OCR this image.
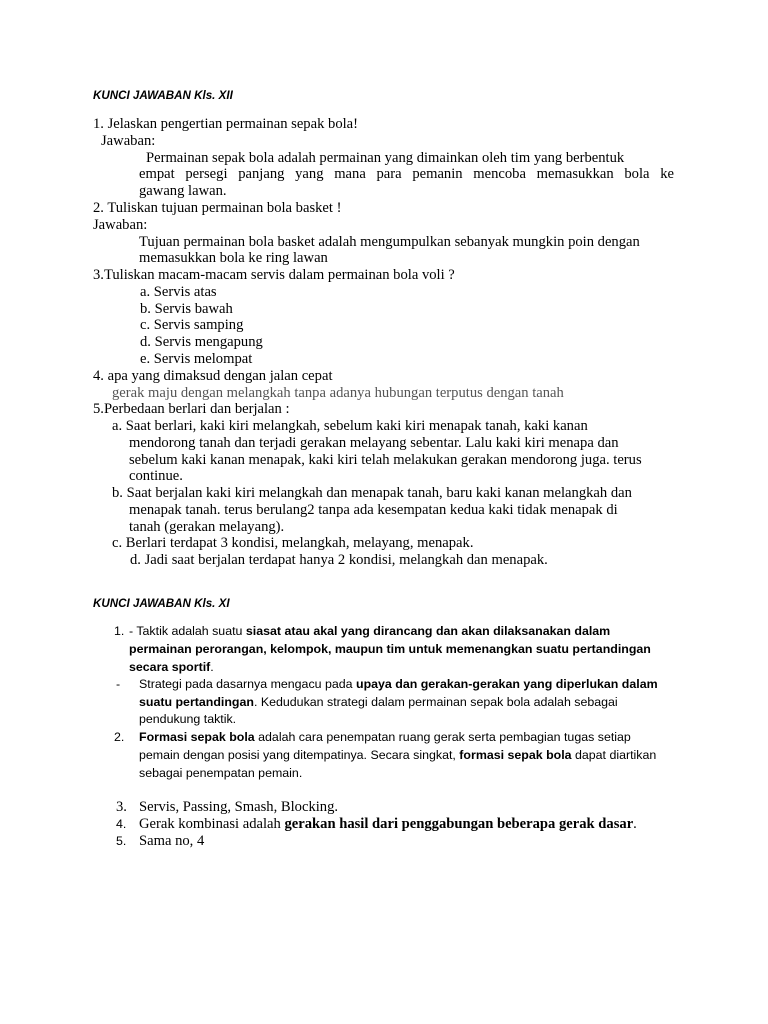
KUNCI JAWABAN Kls. XII
1. Jelaskan pengertian permainan sepak bola!
Jawaban:
Permainan sepak bola adalah permainan yang dimainkan oleh tim yang berbentuk
empat persegi panjang yang mana para pemanin mencoba memasukkan bola ke
gawang lawan.
2. Tuliskan tujuan permainan bola basket !
Jawaban:
Tujuan permainan bola basket adalah mengumpulkan sebanyak mungkin poin dengan
memasukkan bola ke ring lawan
3.Tuliskan macam-macam servis dalam permainan bola voli ?
a. Servis atas
b. Servis bawah
c. Servis samping
d. Servis mengapung
e. Servis melompat
4. apa yang dimaksud dengan jalan cepat
gerak maju dengan melangkah tanpa adanya hubungan terputus dengan tanah
5.Perbedaan berlari dan berjalan :
a. Saat berlari, kaki kiri melangkah, sebelum kaki kiri menapak tanah, kaki kanan
mendorong tanah dan terjadi gerakan melayang sebentar. Lalu kaki kiri menapa dan
sebelum kaki kanan menapak, kaki kiri telah melakukan gerakan mendorong juga. terus
continue.
b. Saat berjalan kaki kiri melangkah dan menapak tanah, baru kaki kanan melangkah dan
menapak tanah. terus berulang2 tanpa ada kesempatan kedua kaki tidak menapak di
tanah (gerakan melayang).
c. Berlari terdapat 3 kondisi, melangkah, melayang, menapak.
d. Jadi saat berjalan terdapat hanya 2 kondisi, melangkah dan menapak.
KUNCI JAWABAN Kls. XI
1. - Taktik adalah suatu siasat atau akal yang dirancang dan akan dilaksanakan dalam
permainan perorangan, kelompok, maupun tim untuk memenangkan suatu pertandingan
secara sportif.
- Strategi pada dasarnya mengacu pada upaya dan gerakan-gerakan yang diperlukan dalam
suatu pertandingan. Kedudukan strategi dalam permainan sepak bola adalah sebagai
pendukung taktik.
2. Formasi sepak bola adalah cara penempatan ruang gerak serta pembagian tugas setiap
pemain dengan posisi yang ditempatinya. Secara singkat, formasi sepak bola dapat diartikan
sebagai penempatan pemain.
3. Servis, Passing, Smash, Blocking.
4. Gerak kombinasi adalah gerakan hasil dari penggabungan beberapa gerak dasar.
5. Sama no, 4
